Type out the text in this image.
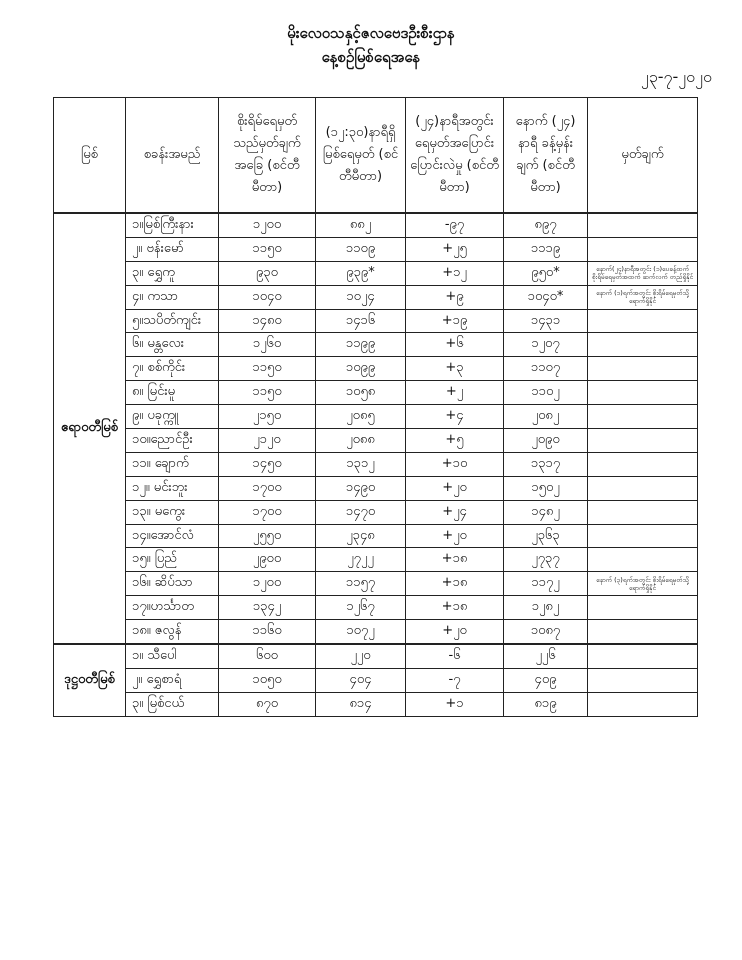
မိုးလေဝသနှင့်ဇလဗေဒဦးစီးဌာန
နေ့စဉ်မြစ်ရေအနေ
၂၃-၇-၂၀၂၀
မြစ်	စခန်းအမည်	စိုးရိမ်ရေမှတ် သည်မှတ်ချက်အခြေ (စင်တီမီတာ)	(၁၂:၃၀)နာရီရှိ မြစ်ရေမှတ် (စင်တီမီတာ)	(၂၄)နာရီအတွင်း ရေမှတ်အပြောင်း ပြောင်းလဲမှု (စင်တီမီတာ)	နောက် (၂၄) နာရီ ခန့်မှန်းချက် (စင်တီမီတာ)	မှတ်ချက်
ဧရာဝတီမြစ်	၁။မြစ်ကြီးနား	၁၂၀၀	၈၈၂	-၉၇	၈၉၇	
	၂။ ဗန်းမော်	၁၁၅၀	၁၁၀၉	+၂၅	၁၁၁၉	
	၃။ ရွှေကူ	၉၃၀	၉၃၉*	+၁၂	၉၅၀*	နောက်(၂၄)နာရီအတွင်း (၁)ပေခန့်ထက် စိုးရိမ်ရေမှတ်အထက် ဆက်လက် တည်ရှိနိုင်
	၄။ ကသာ	၁၀၄၀	၁၀၂၄	+၉	၁၀၄၀*	နောက် (၁)ရက်အတွင်း စိုးရိမ်ရေမှတ်သို့ ရောက်ရှိနိုင်
	၅။သပိတ်ကျင်း	၁၄၈၀	၁၄၁၆	+၁၉	၁၄၃၁	
	၆။ မန္တလေး	၁၂၆၀	၁၁၉၉	+၆	၁၂၀၇	
	၇။ စစ်ကိုင်း	၁၁၅၀	၁၀၉၉	+၃	၁၁၀၇	
	၈။ မြင်းမူ	၁၁၅၀	၁၀၅၈	+၂	၁၁၀၂	
	၉။ ပခုက္ကူ	၂၁၅၀	၂၀၈၅	+၄	၂၀၈၂	
	၁၀။ညောင်ဦး	၂၁၂၀	၂၀၈၈	+၅	၂၀၉၀	
	၁၁။ ချောက်	၁၄၅၀	၁၃၁၂	+၁၀	၁၃၁၇	
	၁၂။ မင်းဘူး	၁၇၀၀	၁၄၉၀	+၂၀	၁၅၀၂	
	၁၃။ မကွေး	၁၇၀၀	၁၄၇၀	+၂၄	၁၄၈၂	
	၁၄။အောင်လံ	၂၅၅၀	၂၃၄၈	+၂၀	၂၃၆၃	
	၁၅။ ပြည်	၂၉၀၀	၂၇၂၂	+၁၈	၂၇၃၇	
	၁၆။ ဆိပ်သာ	၁၂၀၀	၁၁၅၇	+၁၈	၁၁၇၂	နောက် (၃)ရက်အတွင်း စိုးရိမ်ရေမှတ်သို့ ရောက်ရှိနိုင်
	၁၇။ဟင်္သာတ	၁၃၄၂	၁၂၆၇	+၁၈	၁၂၈၂	
	၁၈။ ဇလွန်	၁၁၆၀	၁၀၇၂	+၂၀	၁၀၈၇	
ဒုဋ္ဌဝတီမြစ်	၁။ သီပေါ	၆၀၀	၂၂၀	-၆	၂၂၆	
	၂။ ရွှေစာရံ	၁၀၅၀	၄၀၄	-၇	၄၀၉	
	၃။ မြစ်ငယ်	၈၇၀	၈၁၄	+၁	၈၁၉	
